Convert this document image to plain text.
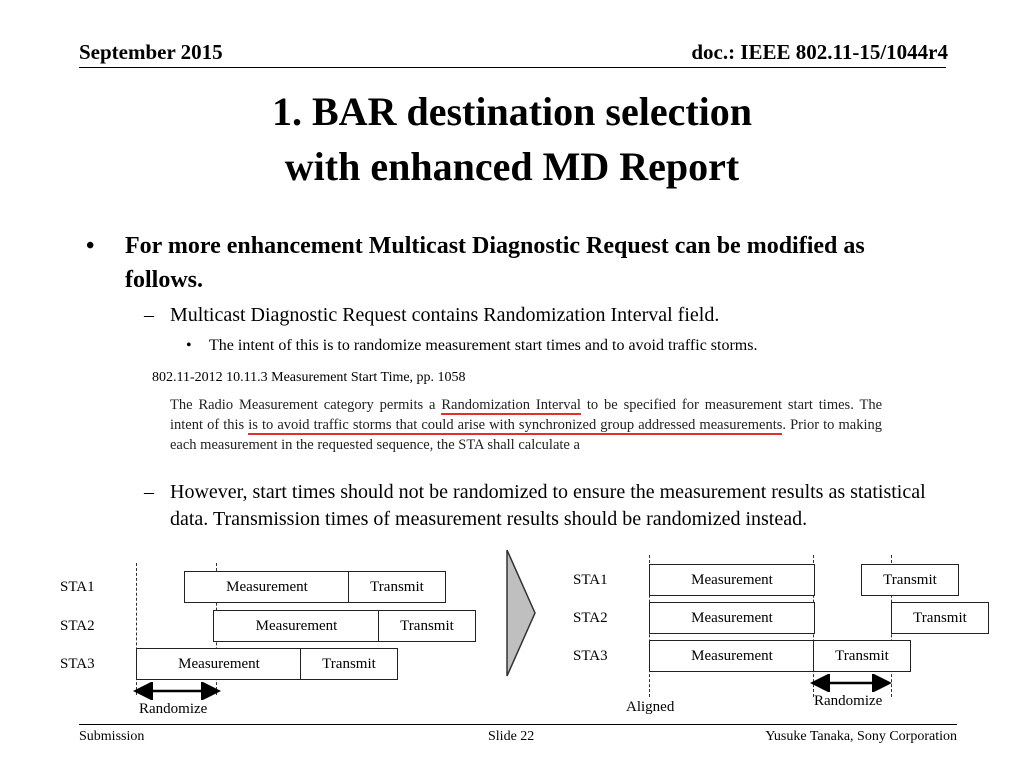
September 2015	doc.: IEEE 802.11-15/1044r4
1. BAR destination selection
with enhanced MD Report
• For more enhancement Multicast Diagnostic Request can be modified as follows.
– Multicast Diagnostic Request contains Randomization Interval field.
• The intent of this is to randomize measurement start times and to avoid traffic storms.
802.11-2012 10.11.3 Measurement Start Time, pp. 1058
The Radio Measurement category permits a Randomization Interval to be specified for measurement start times. The intent of this is to avoid traffic storms that could arise with synchronized group addressed measurements. Prior to making each measurement in the requested sequence, the STA shall calculate a
– However, start times should not be randomized to ensure the measurement results as statistical data. Transmission times of measurement results should be randomized instead.
STA1
STA2
STA3
Measurement	Transmit
Measurement	Transmit
Measurement	Transmit
Randomize
STA1
STA2
STA3
Measurement	Transmit
Measurement	Transmit
Measurement	Transmit
Randomize
Aligned
Submission	Slide 22	Yusuke Tanaka, Sony Corporation
